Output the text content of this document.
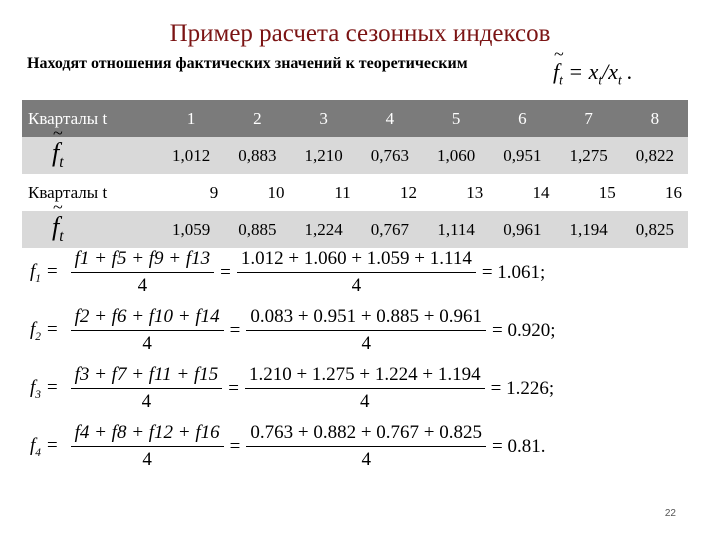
Пример расчета сезонных индексов
Находят отношения фактических значений к теоретическим	~ $f_t = x_t/x_t$ .
Кварталы t	1	2	3	4	5	6	7	8
~ $f_t$	1,012	0,883	1,210	0,763	1,060	0,951	1,275	0,822
Кварталы t	9	10	11	12	13	14	15	16
~ $f_t$	1,059	0,885	1,224	0,767	1,114	0,961	1,194	0,825
$f_1 = \frac{f1 + f5 + f9 + f13}{4} = \frac{1.012 + 1.060 + 1.059 + 1.114}{4} = 1.061$;
$f_2 = \frac{f2 + f6 + f10 + f14}{4} = \frac{0.083 + 0.951 + 0.885 + 0.961}{4} = 0.920$;
$f_3 = \frac{f3 + f7 + f11 + f15}{4} = \frac{1.210 + 1.275 + 1.224 + 1.194}{4} = 1.226$;
$f_4 = \frac{f4 + f8 + f12 + f16}{4} = \frac{0.763 + 0.882 + 0.767 + 0.825}{4} = 0.81$.
22
